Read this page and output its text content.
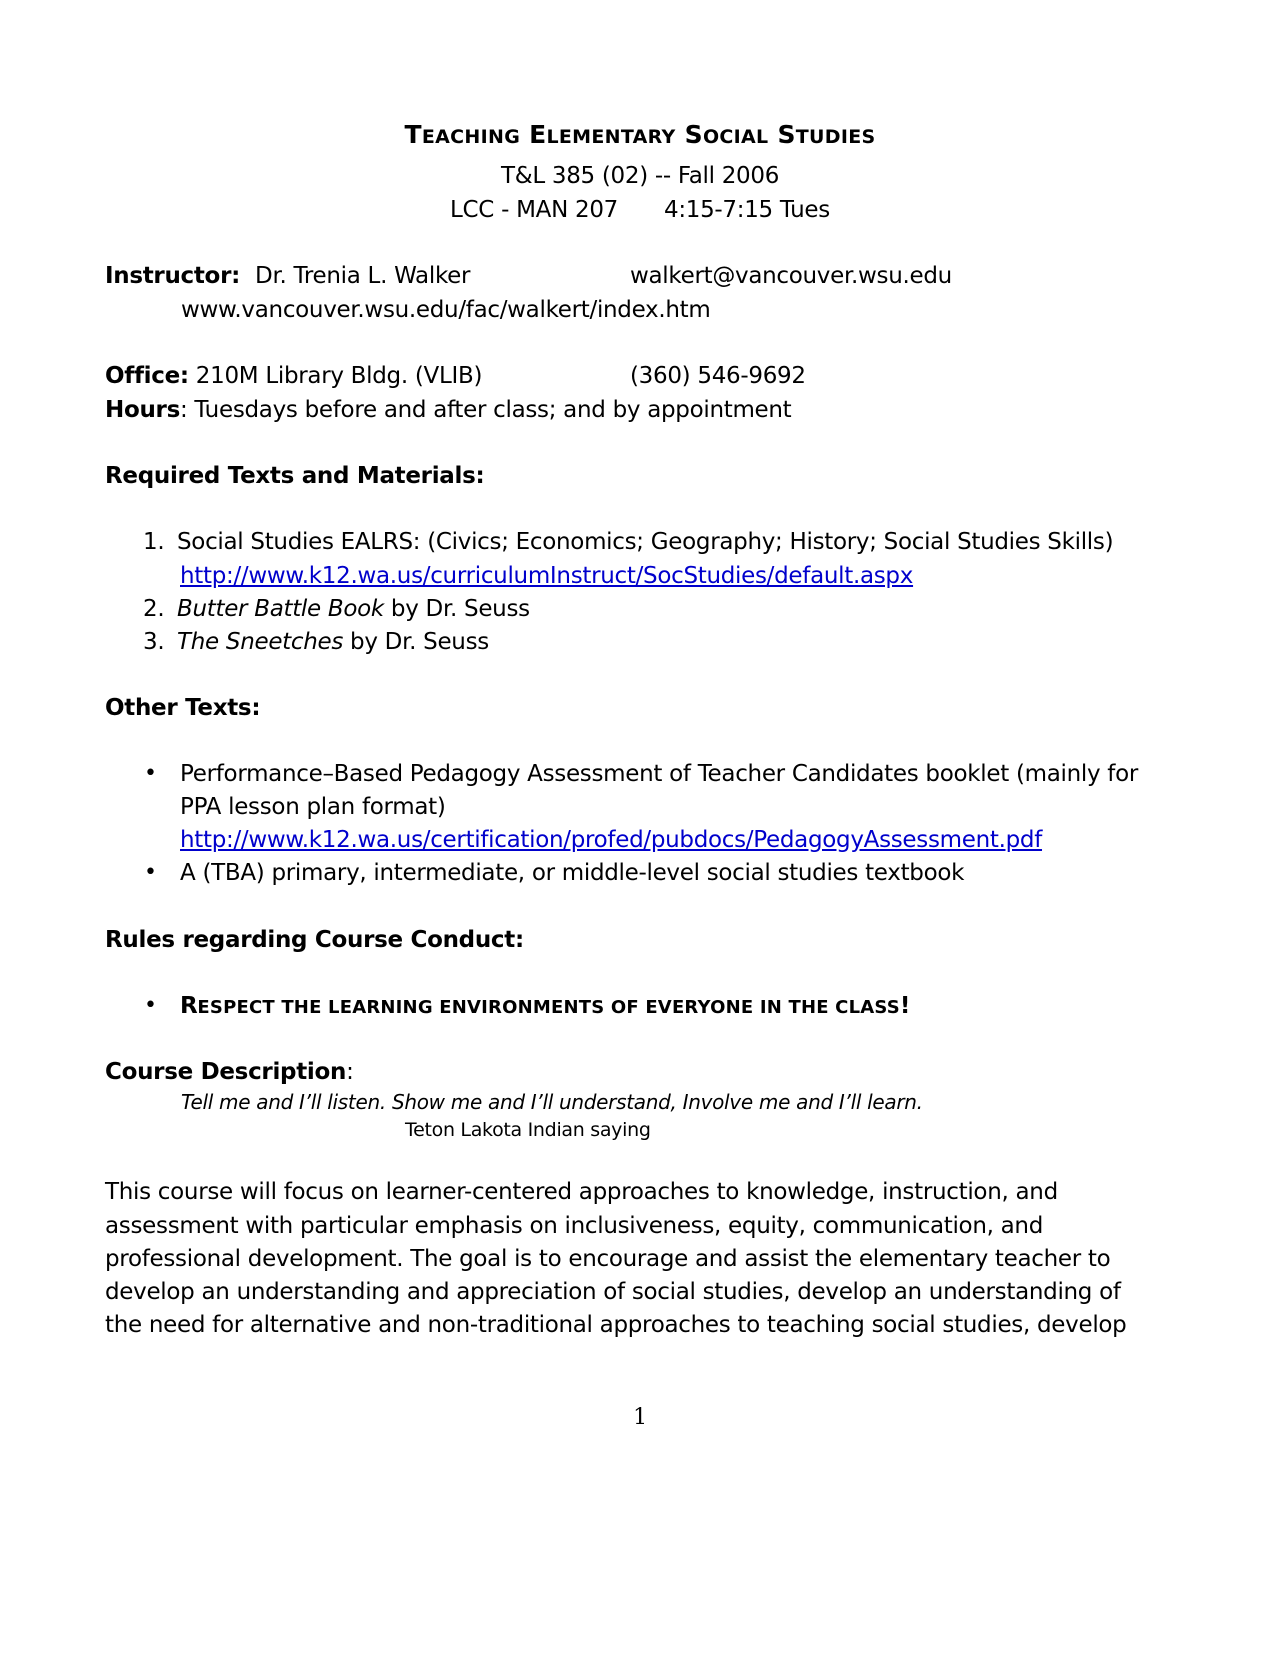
TEACHING ELEMENTARY SOCIAL STUDIES
T&L 385 (02) -- Fall 2006
LCC - MAN 207 4:15-7:15 Tues
Instructor: Dr. Trenia L. Walker	walkert@vancouver.wsu.edu
www.vancouver.wsu.edu/fac/walkert/index.htm
Office: 210M Library Bldg. (VLIB)	(360) 546-9692
Hours: Tuesdays before and after class; and by appointment
Required Texts and Materials:
1. Social Studies EALRS: (Civics; Economics; Geography; History; Social Studies Skills)
http://www.k12.wa.us/curriculumInstruct/SocStudies/default.aspx
2. Butter Battle Book by Dr. Seuss
3. The Sneetches by Dr. Seuss
Other Texts:
• Performance–Based Pedagogy Assessment of Teacher Candidates booklet (mainly for
PPA lesson plan format)
http://www.k12.wa.us/certification/profed/pubdocs/PedagogyAssessment.pdf
• A (TBA) primary, intermediate, or middle-level social studies textbook
Rules regarding Course Conduct:
• RESPECT THE LEARNING ENVIRONMENTS OF EVERYONE IN THE CLASS!
Course Description:
Tell me and I’ll listen. Show me and I’ll understand, Involve me and I’ll learn.
Teton Lakota Indian saying
This course will focus on learner-centered approaches to knowledge, instruction, and
assessment with particular emphasis on inclusiveness, equity, communication, and
professional development. The goal is to encourage and assist the elementary teacher to
develop an understanding and appreciation of social studies, develop an understanding of
the need for alternative and non-traditional approaches to teaching social studies, develop
1
